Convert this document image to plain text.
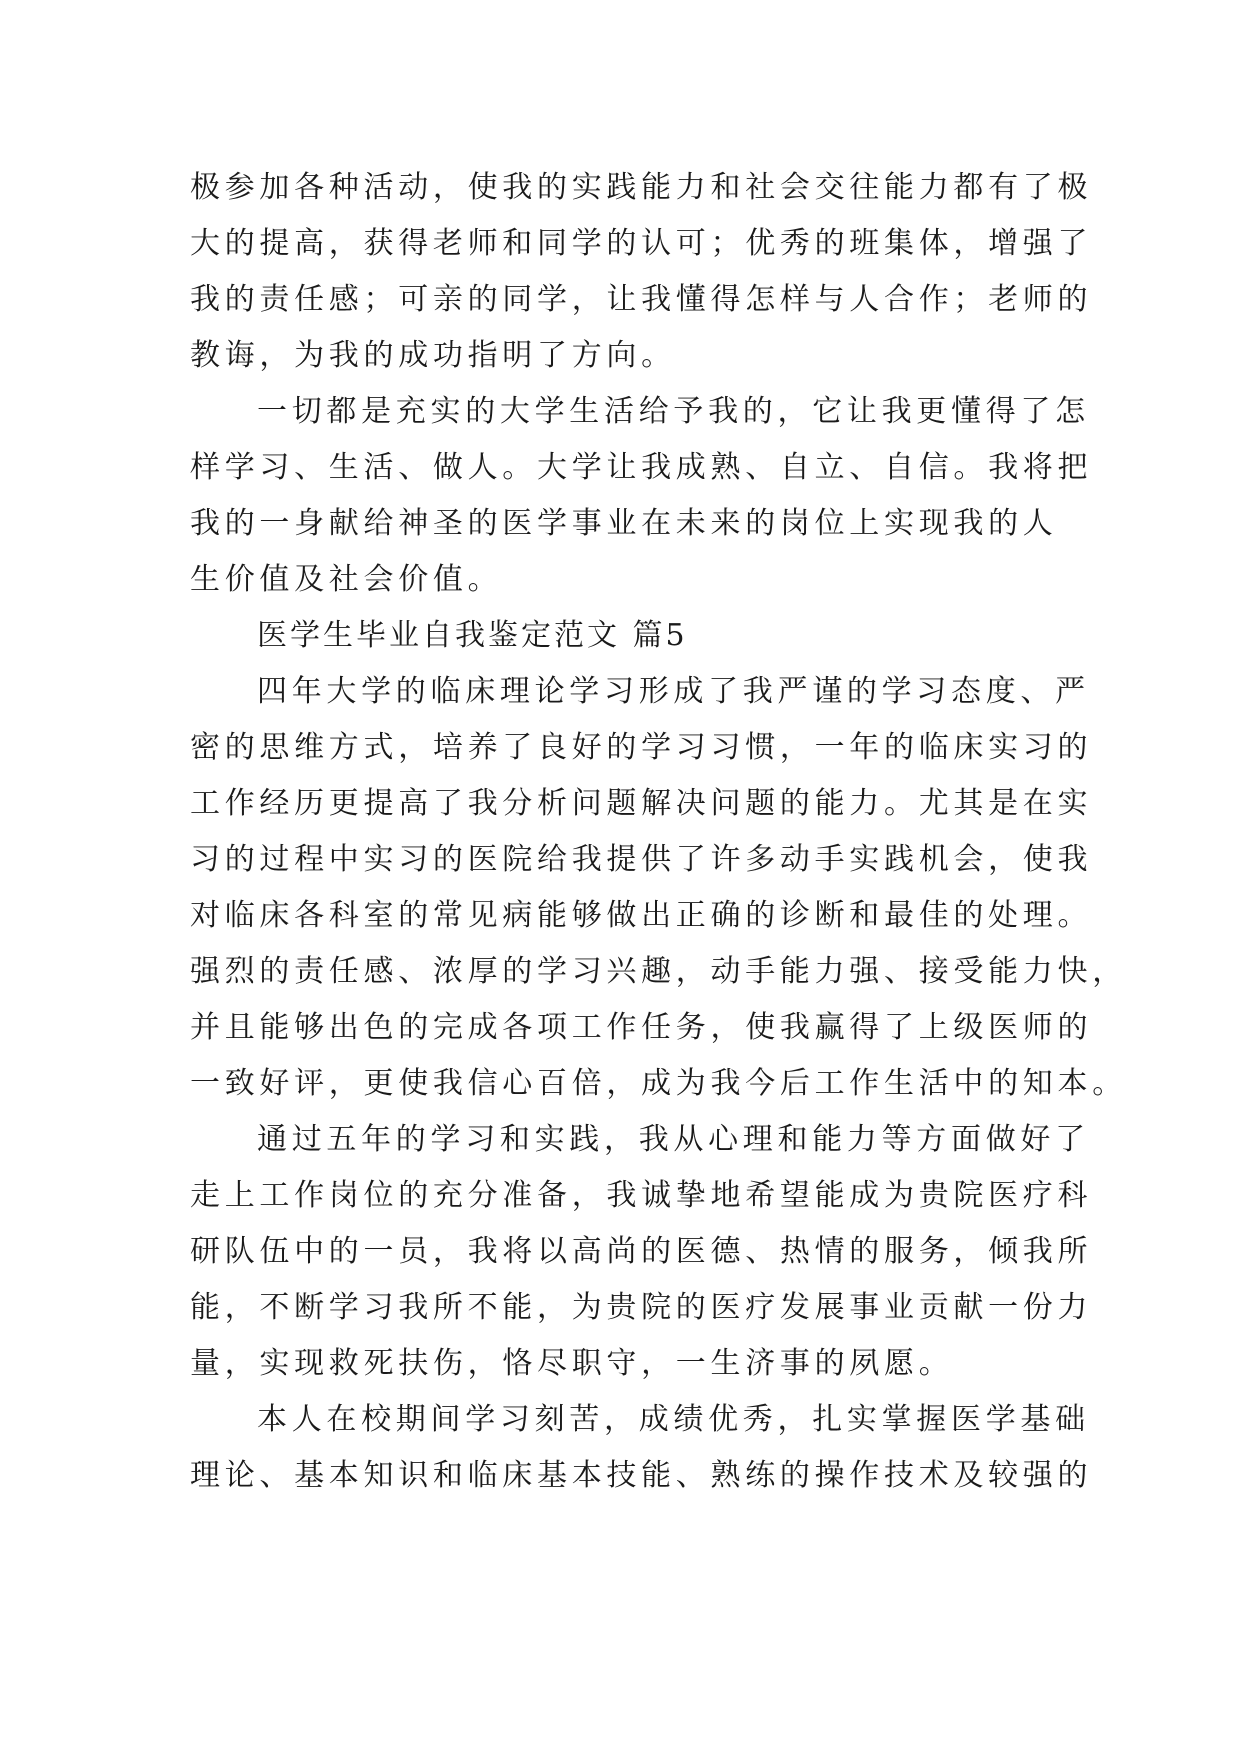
极参加各种活动，使我的实践能力和社会交往能力都有了极
大的提高，获得老师和同学的认可；优秀的班集体，增强了
我的责任感；可亲的同学，让我懂得怎样与人合作；老师的
教诲，为我的成功指明了方向。
一切都是充实的大学生活给予我的，它让我更懂得了怎
样学习、生活、做人。大学让我成熟、自立、自信。我将把
我的一身献给神圣的医学事业在未来的岗位上实现我的人
生价值及社会价值。
医学生毕业自我鉴定范文 篇5
四年大学的临床理论学习形成了我严谨的学习态度、严
密的思维方式，培养了良好的学习习惯，一年的临床实习的
工作经历更提高了我分析问题解决问题的能力。尤其是在实
习的过程中实习的医院给我提供了许多动手实践机会，使我
对临床各科室的常见病能够做出正确的诊断和最佳的处理。
强烈的责任感、浓厚的学习兴趣，动手能力强、接受能力快，
并且能够出色的完成各项工作任务，使我赢得了上级医师的
一致好评，更使我信心百倍，成为我今后工作生活中的知本。
通过五年的学习和实践，我从心理和能力等方面做好了
走上工作岗位的充分准备，我诚挚地希望能成为贵院医疗科
研队伍中的一员，我将以高尚的医德、热情的服务，倾我所
能，不断学习我所不能，为贵院的医疗发展事业贡献一份力
量，实现救死扶伤，恪尽职守，一生济事的夙愿。
本人在校期间学习刻苦，成绩优秀，扎实掌握医学基础
理论、基本知识和临床基本技能、熟练的操作技术及较强的
